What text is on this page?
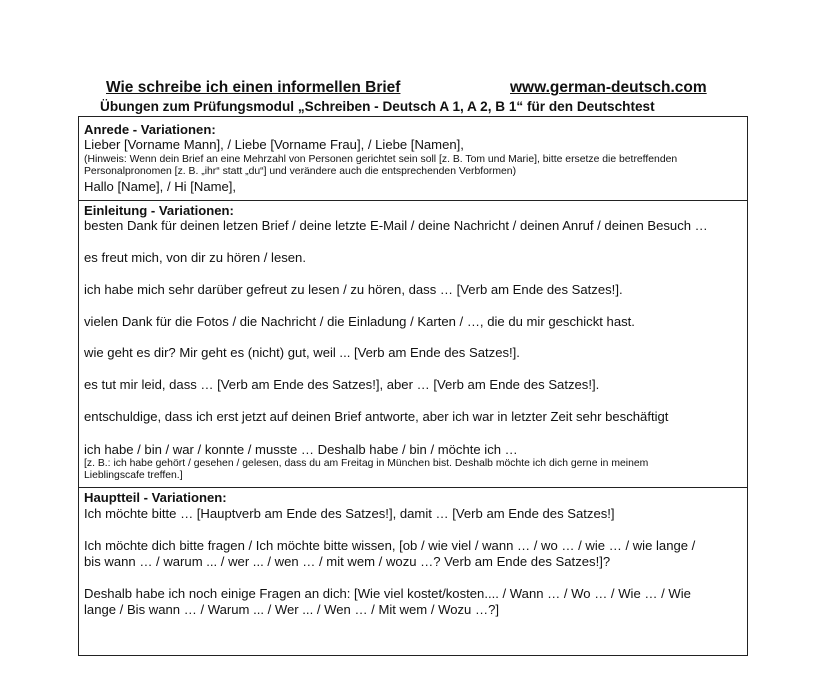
Wie schreibe ich einen informellen Brief	www.german-deutsch.com
Übungen zum Prüfungsmodul „Schreiben - Deutsch A 1, A 2, B 1“ für den Deutschtest
Anrede - Variationen:
Lieber [Vorname Mann], / Liebe [Vorname Frau], / Liebe [Namen],
(Hinweis: Wenn dein Brief an eine Mehrzahl von Personen gerichtet sein soll [z. B. Tom und Marie], bitte ersetze die betreffenden
Personalpronomen [z. B. „ihr“ statt „du“] und verändere auch die entsprechenden Verbformen)
Hallo [Name], / Hi [Name],
Einleitung - Variationen:
besten Dank für deinen letzen Brief / deine letzte E-Mail / deine Nachricht / deinen Anruf / deinen Besuch …
es freut mich, von dir zu hören / lesen.
ich habe mich sehr darüber gefreut zu lesen / zu hören, dass … [Verb am Ende des Satzes!].
vielen Dank für die Fotos / die Nachricht / die Einladung / Karten / …, die du mir geschickt hast.
wie geht es dir? Mir geht es (nicht) gut, weil ... [Verb am Ende des Satzes!].
es tut mir leid, dass … [Verb am Ende des Satzes!], aber … [Verb am Ende des Satzes!].
entschuldige, dass ich erst jetzt auf deinen Brief antworte, aber ich war in letzter Zeit sehr beschäftigt
ich habe / bin / war / konnte / musste … Deshalb habe / bin / möchte ich …
[z. B.: ich habe gehört / gesehen / gelesen, dass du am Freitag in München bist. Deshalb möchte ich dich gerne in meinem
Lieblingscafe treffen.]
Hauptteil - Variationen:
Ich möchte bitte … [Hauptverb am Ende des Satzes!], damit … [Verb am Ende des Satzes!]
Ich möchte dich bitte fragen / Ich möchte bitte wissen, [ob / wie viel / wann … / wo … / wie … / wie lange /
bis wann … / warum ... / wer ... / wen … / mit wem / wozu …? Verb am Ende des Satzes!]?
Deshalb habe ich noch einige Fragen an dich: [Wie viel kostet/kosten.... / Wann … / Wo … / Wie … / Wie
lange / Bis wann … / Warum ... / Wer ... / Wen … / Mit wem / Wozu …?]
